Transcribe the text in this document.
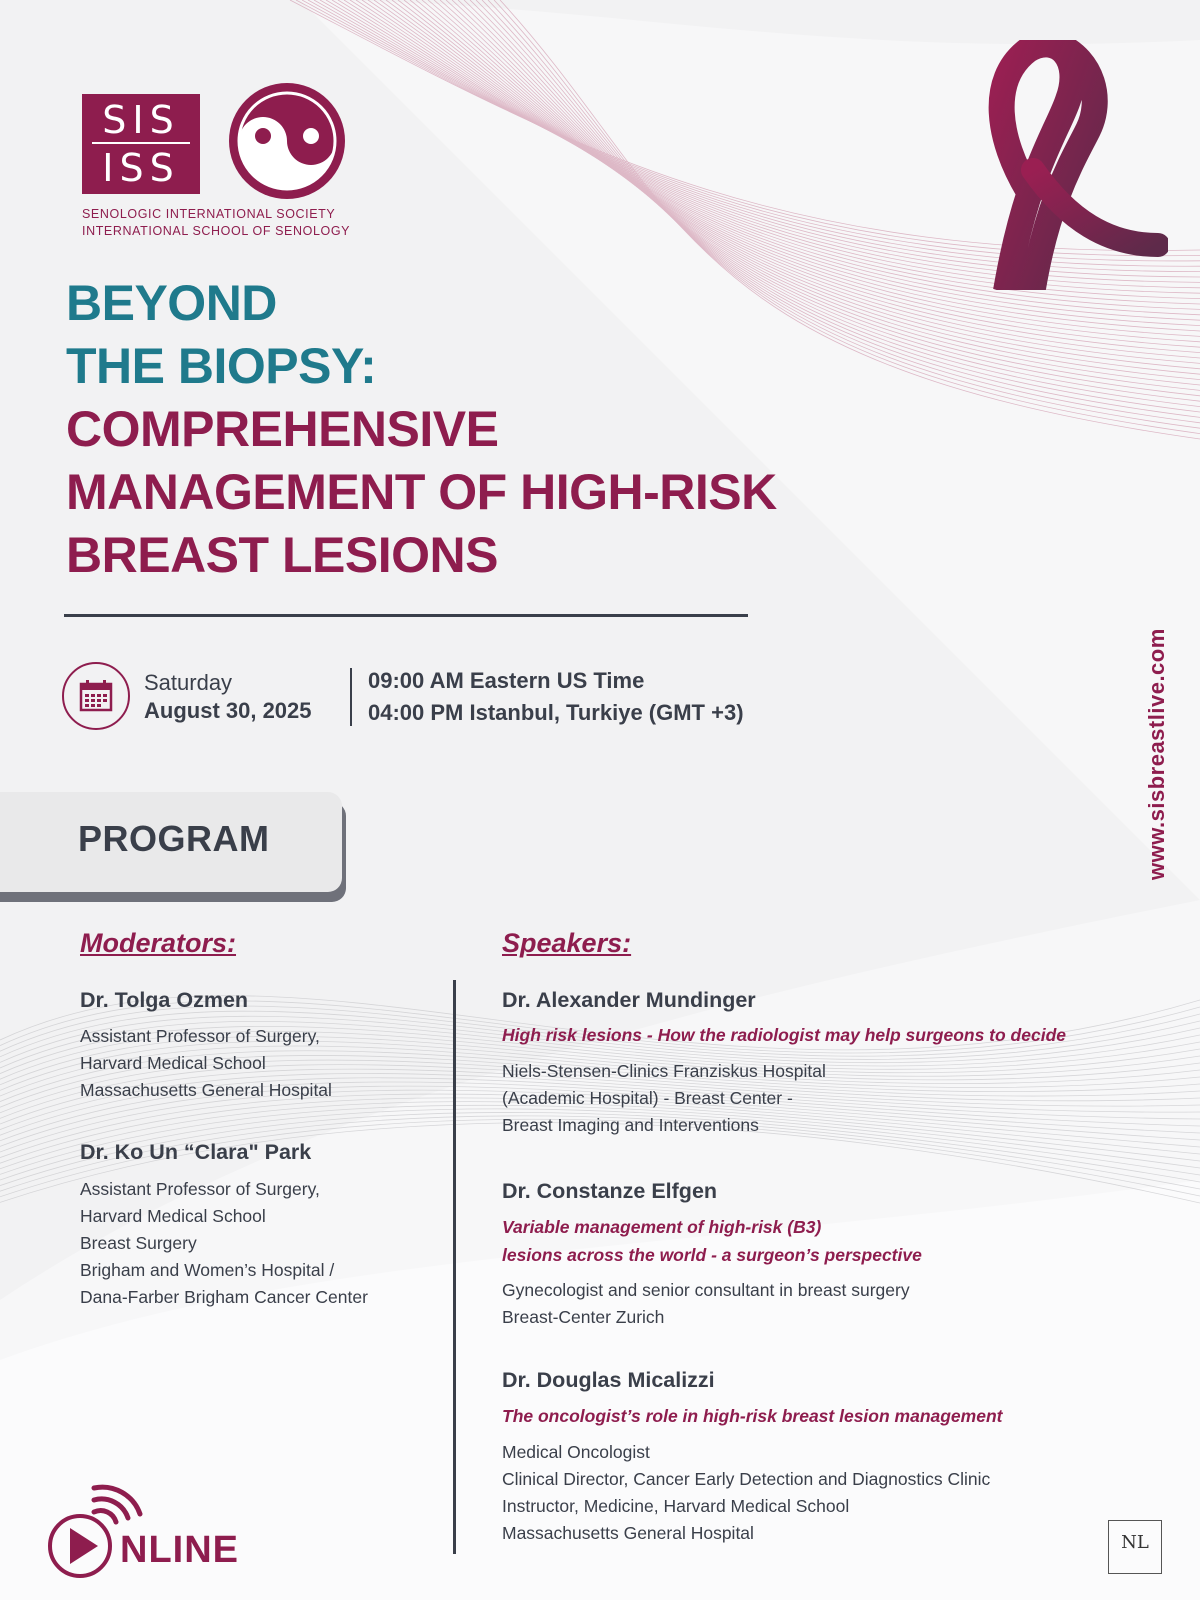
SIS
ISS
SENOLOGIC INTERNATIONAL SOCIETY
INTERNATIONAL SCHOOL OF SENOLOGY
BEYOND
THE BIOPSY:
COMPREHENSIVE
MANAGEMENT OF HIGH-RISK
BREAST LESIONS
Saturday
August 30, 2025
09:00 AM Eastern US Time
04:00 PM Istanbul, Turkiye (GMT +3)
PROGRAM
Moderators:
Dr. Tolga Ozmen
Assistant Professor of Surgery,
Harvard Medical School
Massachusetts General Hospital
Dr. Ko Un “Clara" Park
Assistant Professor of Surgery,
Harvard Medical School
Breast Surgery
Brigham and Women’s Hospital /
Dana-Farber Brigham Cancer Center
Speakers:
Dr. Alexander Mundinger
High risk lesions - How the radiologist may help surgeons to decide
Niels-Stensen-Clinics Franziskus Hospital
(Academic Hospital) - Breast Center -
Breast Imaging and Interventions
Dr. Constanze Elfgen
Variable management of high-risk (B3)
lesions across the world - a surgeon’s perspective
Gynecologist and senior consultant in breast surgery
Breast-Center Zurich
Dr. Douglas Micalizzi
The oncologist’s role in high-risk breast lesion management
Medical Oncologist
Clinical Director, Cancer Early Detection and Diagnostics Clinic
Instructor, Medicine, Harvard Medical School
Massachusetts General Hospital
www.sisbreastlive.com
NLINE	NL
